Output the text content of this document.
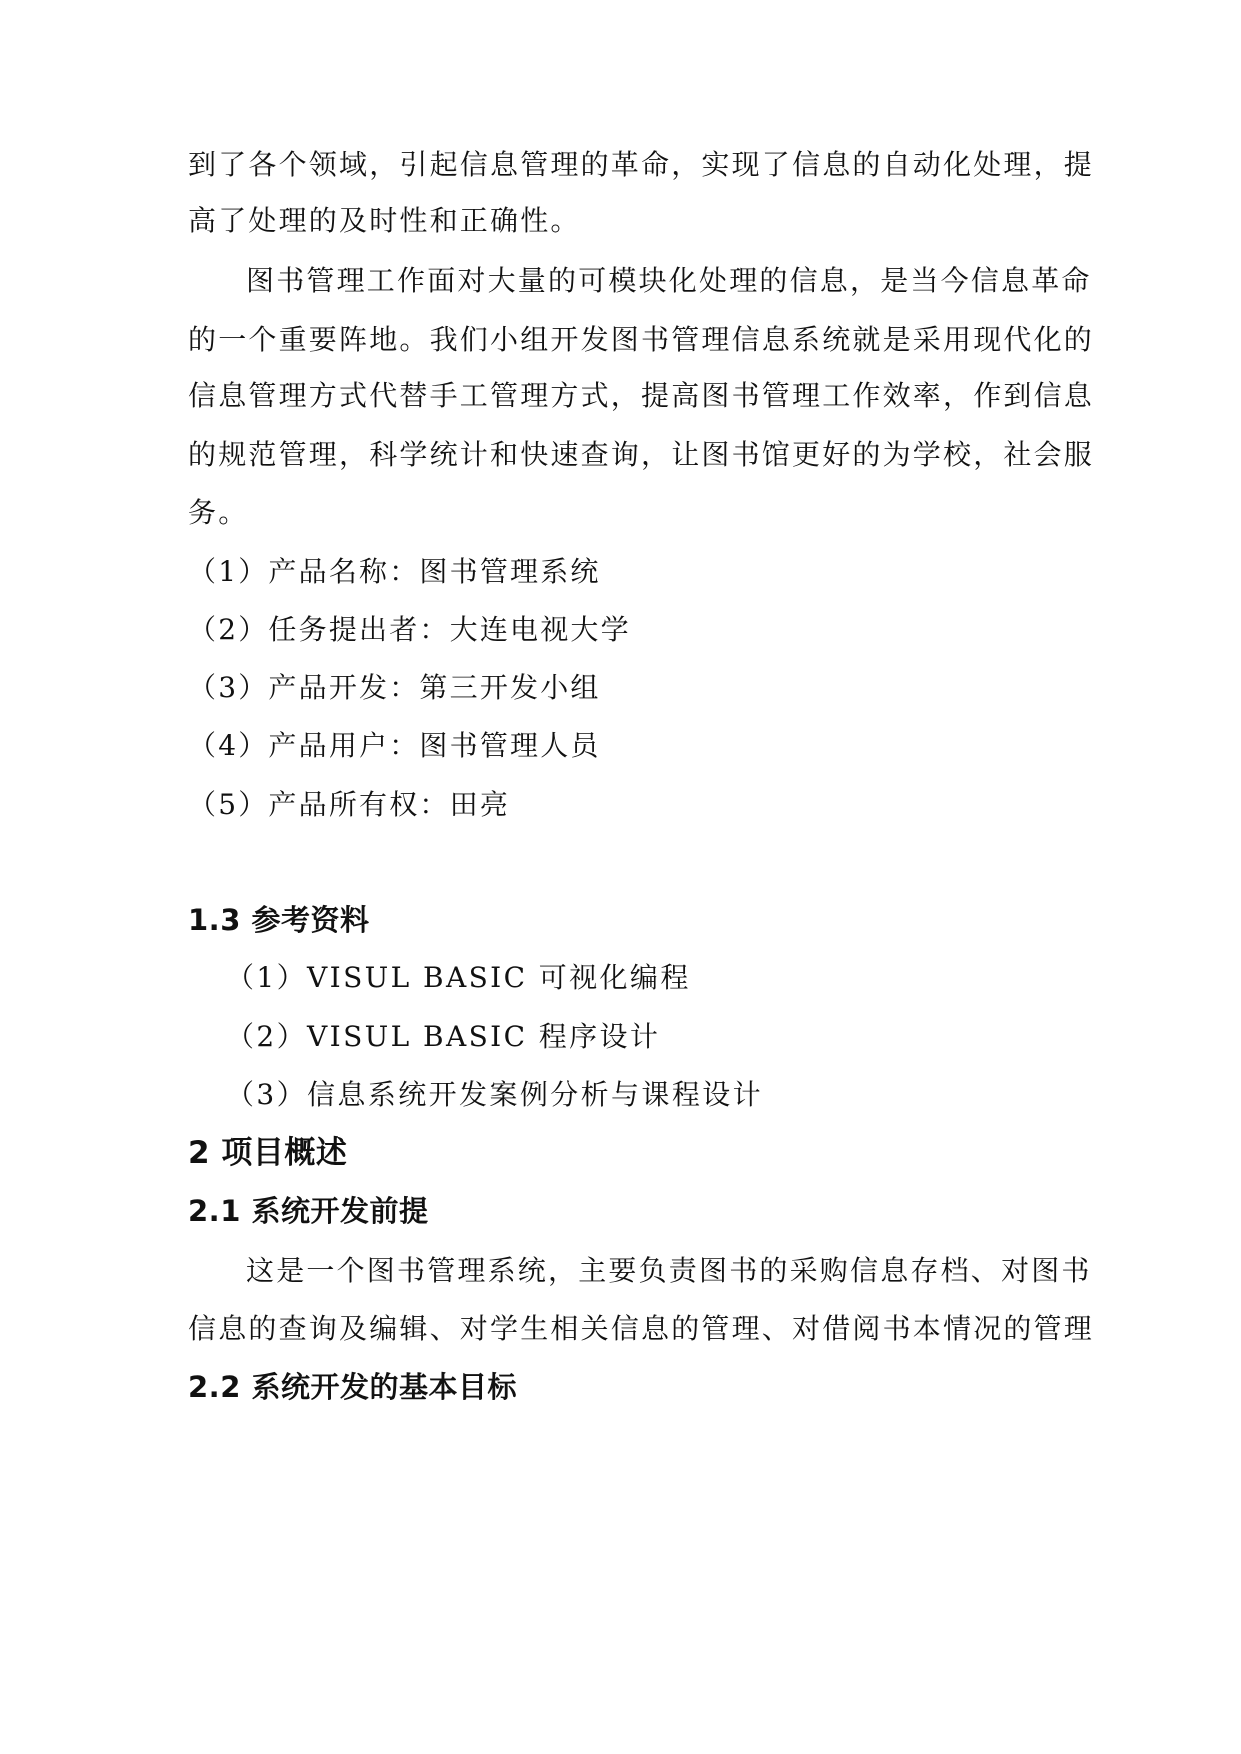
到了各个领域，引起信息管理的革命，实现了信息的自动化处理，提
高了处理的及时性和正确性。
图书管理工作面对大量的可模块化处理的信息，是当今信息革命
的一个重要阵地。我们小组开发图书管理信息系统就是采用现代化的
信息管理方式代替手工管理方式，提高图书管理工作效率，作到信息
的规范管理，科学统计和快速查询，让图书馆更好的为学校，社会服
务。
（1）产品名称：图书管理系统
（2）任务提出者：大连电视大学
（3）产品开发：第三开发小组
（4）产品用户：图书管理人员
（5）产品所有权：田亮
1.3 参考资料
（1）VISUL BASIC 可视化编程
（2）VISUL BASIC 程序设计
（3）信息系统开发案例分析与课程设计
2 项目概述
2.1 系统开发前提
这是一个图书管理系统，主要负责图书的采购信息存档、对图书
信息的查询及编辑、对学生相关信息的管理、对借阅书本情况的管理
2.2 系统开发的基本目标
